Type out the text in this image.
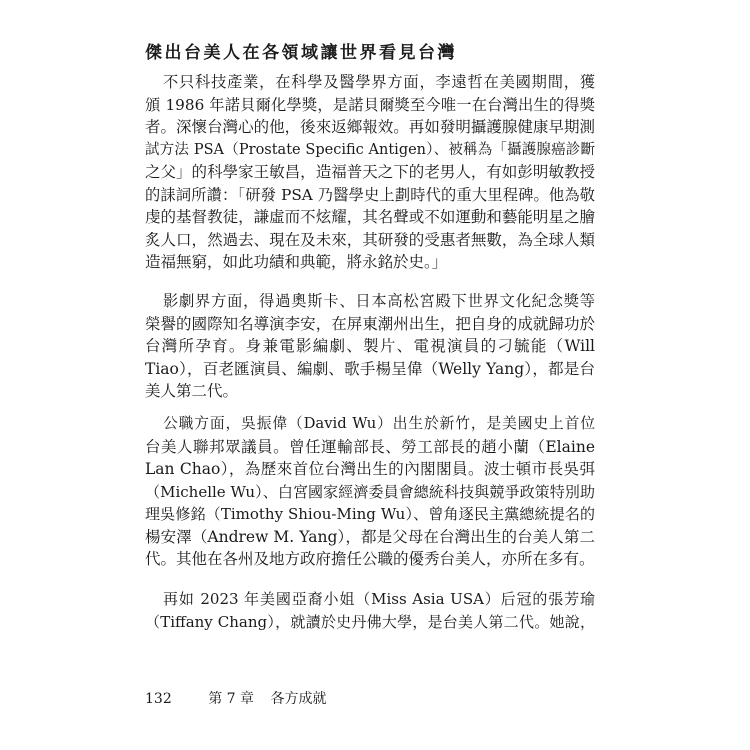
傑出台美人在各領域讓世界看見台灣
不只科技產業，在科學及醫學界方面，李遠哲在美國期間，獲
頒 1986 年諾貝爾化學獎，是諾貝爾獎至今唯一在台灣出生的得獎
者。深懷台灣心的他，後來返鄉報效。再如發明攝護腺健康早期測
試方法 PSA（Prostate Specific Antigen）、被稱為「攝護腺癌診斷
之父」的科學家王敏昌，造福普天之下的老男人，有如彭明敏教授
的誄詞所讚：「研發 PSA 乃醫學史上劃時代的重大里程碑。他為敬
虔的基督教徒，謙虛而不炫耀，其名聲或不如運動和藝能明星之膾
炙人口，然過去、現在及未來，其研發的受惠者無數，為全球人類
造福無窮，如此功績和典範，將永銘於史。」
影劇界方面，得過奧斯卡、日本高松宮殿下世界文化紀念獎等
榮譽的國際知名導演李安，在屏東潮州出生，把自身的成就歸功於
台灣所孕育。身兼電影編劇、製片、電視演員的刁毓能（Will
Tiao），百老匯演員、編劇、歌手楊呈偉（Welly Yang），都是台
美人第二代。
公職方面，吳振偉（David Wu）出生於新竹，是美國史上首位
台美人聯邦眾議員。曾任運輸部長、勞工部長的趙小蘭（Elaine
Lan Chao），為歷來首位台灣出生的內閣閣員。波士頓市長吳弭
（Michelle Wu）、白宮國家經濟委員會總統科技與競爭政策特別助
理吳修銘（Timothy Shiou-Ming Wu）、曾角逐民主黨總統提名的
楊安澤（Andrew M. Yang），都是父母在台灣出生的台美人第二
代。其他在各州及地方政府擔任公職的優秀台美人，亦所在多有。
再如 2023 年美國亞裔小姐（Miss Asia USA）后冠的張芳瑜
（Tiffany Chang），就讀於史丹佛大學，是台美人第二代。她說，
132	第 7 章 各方成就
